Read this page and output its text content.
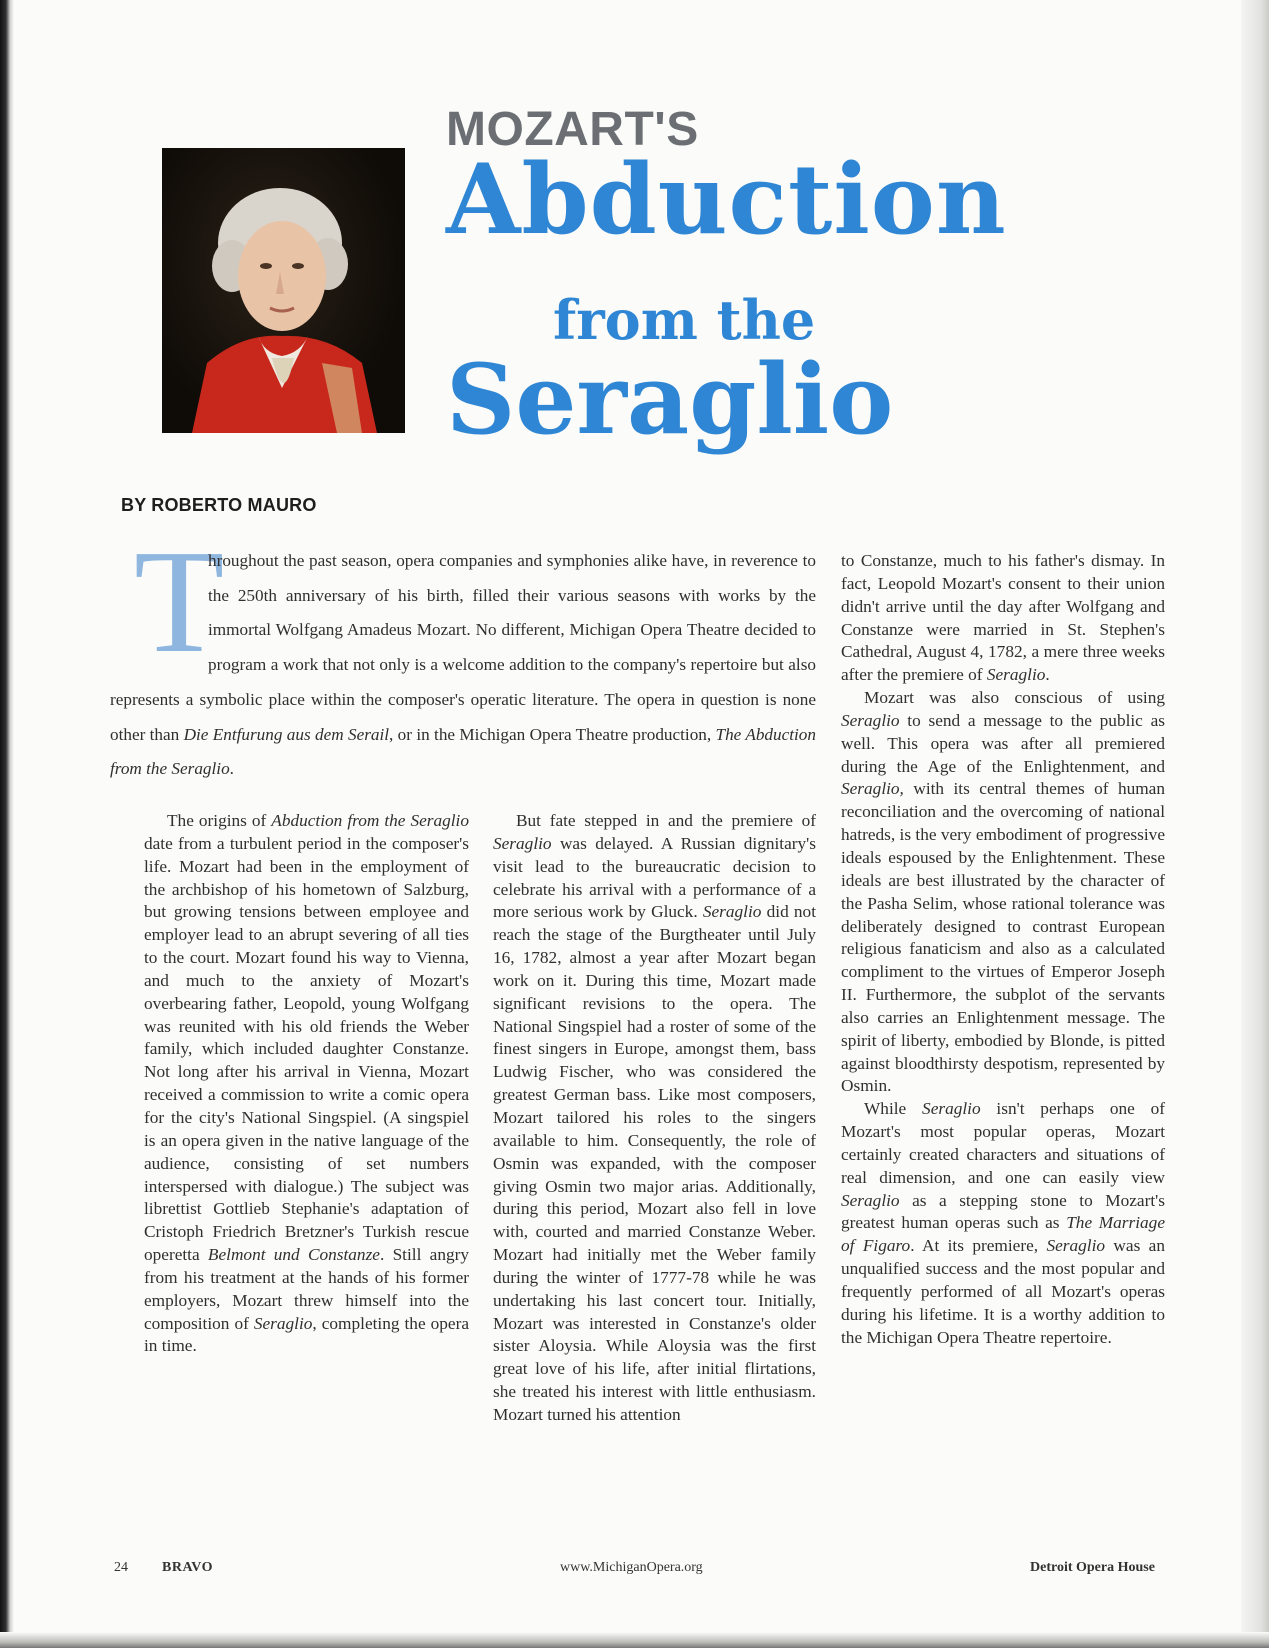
MOZART'S
Abduction
from the
Seraglio
BY ROBERTO MAURO
T
hroughout the past season, opera companies and symphonies alike have, in reverence to the 250th anniversary of his birth, filled their various seasons with works by the immortal Wolfgang Amadeus Mozart. No different, Michigan Opera Theatre decided to program a work that not only is a welcome addition to the company's repertoire but also represents a symbolic place within the composer's operatic literature. The opera in question is none other than Die Entfurung aus dem Serail, or in the Michigan Opera Theatre production, The Abduction from the Seraglio.

The origins of Abduction from the Seraglio date from a turbulent period in the composer's life. Mozart had been in the employment of the archbishop of his hometown of Salzburg, but growing tensions between employee and employer lead to an abrupt severing of all ties to the court. Mozart found his way to Vienna, and much to the anxiety of Mozart's overbearing father, Leopold, young Wolfgang was reunited with his old friends the Weber family, which included daughter Constanze. Not long after his arrival in Vienna, Mozart received a commission to write a comic opera for the city's National Singspiel. (A singspiel is an opera given in the native language of the audience, consisting of set numbers interspersed with dialogue.) The subject was librettist Gottlieb Stephanie's adaptation of Cristoph Friedrich Bretzner's Turkish rescue operetta Belmont und Constanze. Still angry from his treatment at the hands of his former employers, Mozart threw himself into the composition of Seraglio, completing the opera in time.

But fate stepped in and the premiere of Seraglio was delayed. A Russian dignitary's visit lead to the bureaucratic decision to celebrate his arrival with a performance of a more serious work by Gluck. Seraglio did not reach the stage of the Burgtheater until July 16, 1782, almost a year after Mozart began work on it. During this time, Mozart made significant revisions to the opera. The National Singspiel had a roster of some of the finest singers in Europe, amongst them, bass Ludwig Fischer, who was considered the greatest German bass. Like most composers, Mozart tailored his roles to the singers available to him. Consequently, the role of Osmin was expanded, with the composer giving Osmin two major arias. Additionally, during this period, Mozart also fell in love with, courted and married Constanze Weber. Mozart had initially met the Weber family during the winter of 1777-78 while he was undertaking his last concert tour. Initially, Mozart was interested in Constanze's older sister Aloysia. While Aloysia was the first great love of his life, after initial flirtations, she treated his interest with little enthusiasm. Mozart turned his attention

to Constanze, much to his father's dismay. In fact, Leopold Mozart's consent to their union didn't arrive until the day after Wolfgang and Constanze were married in St. Stephen's Cathedral, August 4, 1782, a mere three weeks after the premiere of Seraglio.

Mozart was also conscious of using Seraglio to send a message to the public as well. This opera was after all premiered during the Age of the Enlightenment, and Seraglio, with its central themes of human reconciliation and the overcoming of national hatreds, is the very embodiment of progressive ideals espoused by the Enlightenment. These ideals are best illustrated by the character of the Pasha Selim, whose rational tolerance was deliberately designed to contrast European religious fanaticism and also as a calculated compliment to the virtues of Emperor Joseph II. Furthermore, the subplot of the servants also carries an Enlightenment message. The spirit of liberty, embodied by Blonde, is pitted against bloodthirsty despotism, represented by Osmin.

While Seraglio isn't perhaps one of Mozart's most popular operas, Mozart certainly created characters and situations of real dimension, and one can easily view Seraglio as a stepping stone to Mozart's greatest human operas such as The Marriage of Figaro. At its premiere, Seraglio was an unqualified success and the most popular and frequently performed of all Mozart's operas during his lifetime. It is a worthy addition to the Michigan Opera Theatre repertoire.

24 BRAVO	www.MichiganOpera.org	Detroit Opera House
